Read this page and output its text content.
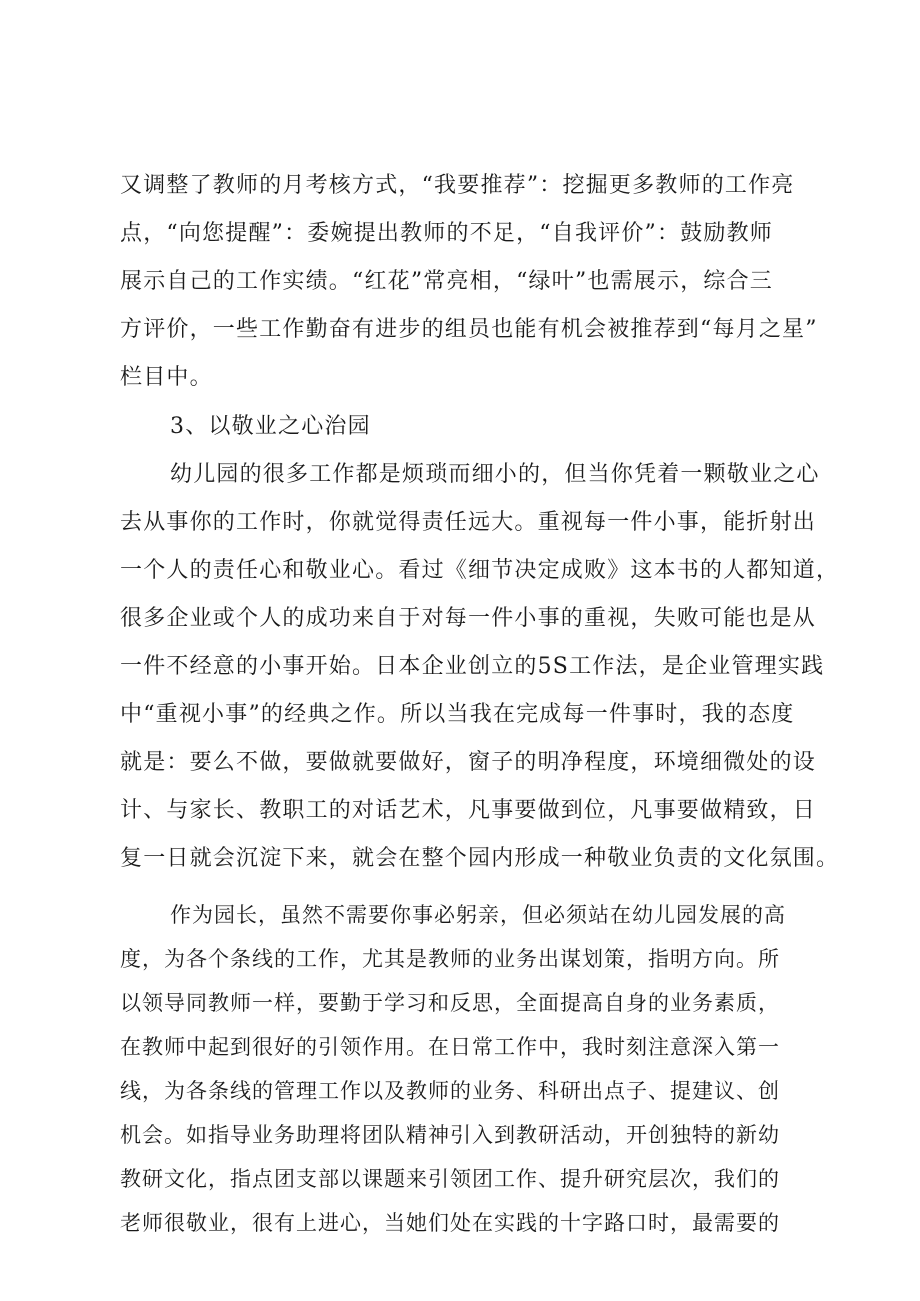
又调整了教师的月考核方式，“我要推荐”：挖掘更多教师的工作亮
点，“向您提醒”：委婉提出教师的不足，“自我评价”：鼓励教师
展示自己的工作实绩。“红花”常亮相，“绿叶”也需展示，综合三
方评价，一些工作勤奋有进步的组员也能有机会被推荐到“每月之星”
栏目中。
3、以敬业之心治园
幼儿园的很多工作都是烦琐而细小的，但当你凭着一颗敬业之心
去从事你的工作时，你就觉得责任远大。重视每一件小事，能折射出
一个人的责任心和敬业心。看过《细节决定成败》这本书的人都知道，
很多企业或个人的成功来自于对每一件小事的重视，失败可能也是从
一件不经意的小事开始。日本企业创立的5S工作法，是企业管理实践
中“重视小事”的经典之作。所以当我在完成每一件事时，我的态度
就是：要么不做，要做就要做好，窗子的明净程度，环境细微处的设
计、与家长、教职工的对话艺术，凡事要做到位，凡事要做精致，日
复一日就会沉淀下来，就会在整个园内形成一种敬业负责的文化氛围。
作为园长，虽然不需要你事必躬亲，但必须站在幼儿园发展的高
度，为各个条线的工作，尤其是教师的业务出谋划策，指明方向。所
以领导同教师一样，要勤于学习和反思，全面提高自身的业务素质，
在教师中起到很好的引领作用。在日常工作中，我时刻注意深入第一
线，为各条线的管理工作以及教师的业务、科研出点子、提建议、创
机会。如指导业务助理将团队精神引入到教研活动，开创独特的新幼
教研文化，指点团支部以课题来引领团工作、提升研究层次，我们的
老师很敬业，很有上进心，当她们处在实践的十字路口时，最需要的
